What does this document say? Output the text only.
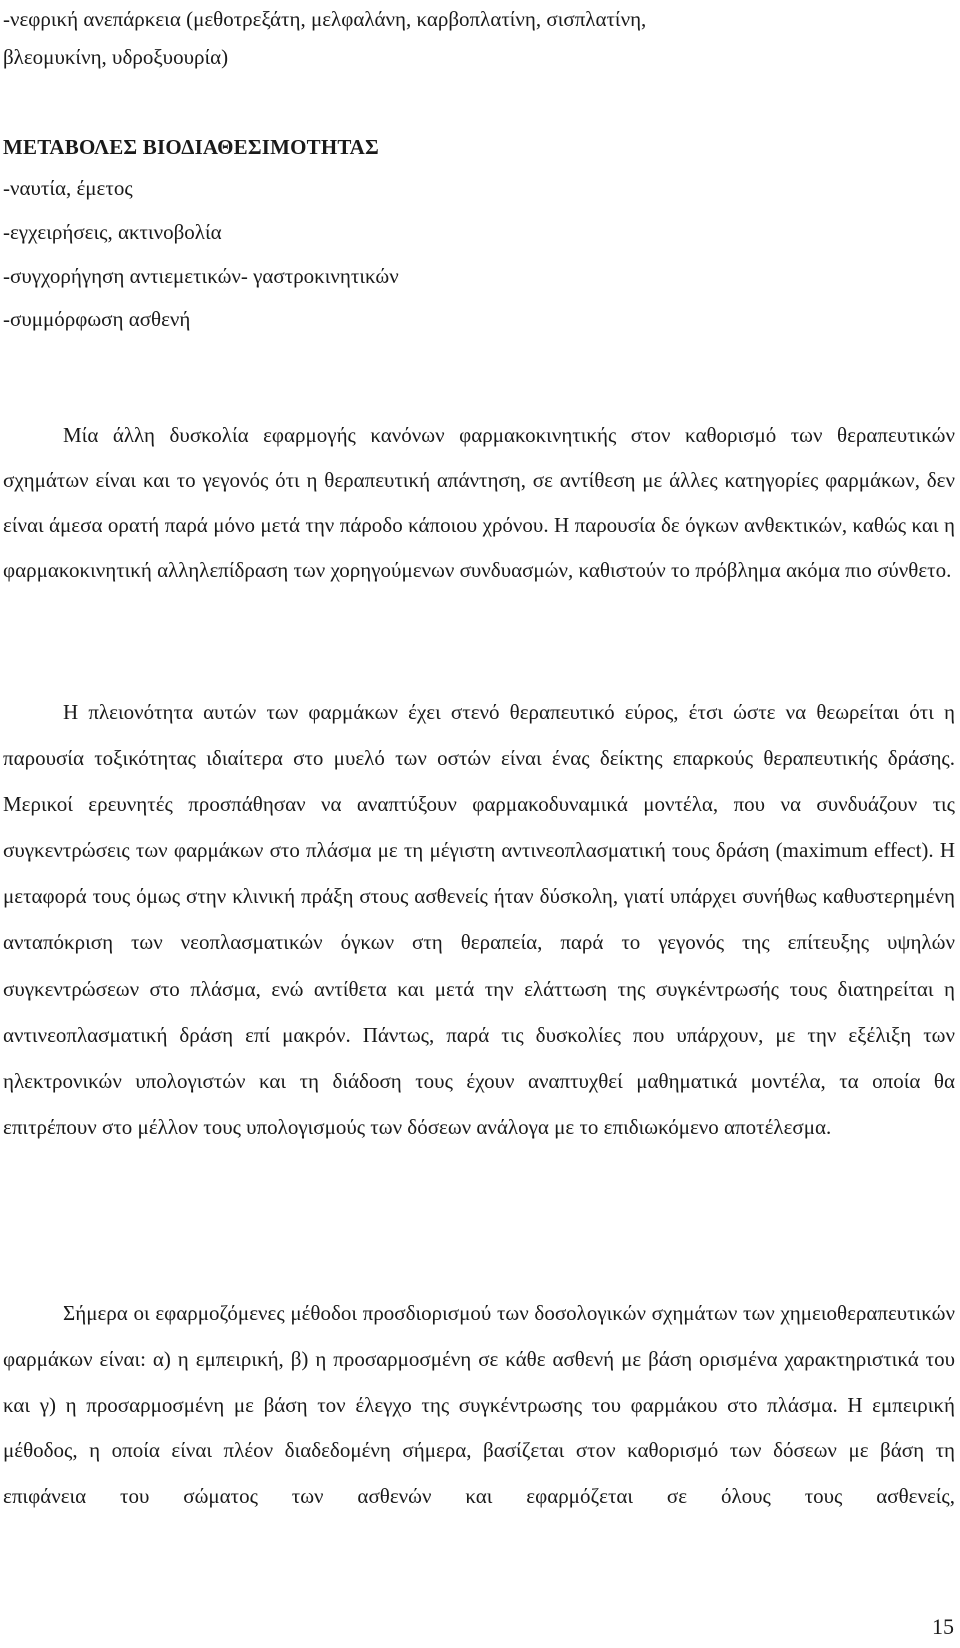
-νεφρική ανεπάρκεια (μεθοτρεξάτη, μελφαλάνη, καρβοπλατίνη, σισπλατίνη,

βλεομυκίνη, υδροξυουρία)

ΜΕΤΑΒΟΛΕΣ ΒΙΟΔΙΑΘΕΣΙΜΟΤΗΤΑΣ

-ναυτία, έμετος

-εγχειρήσεις, ακτινοβολία

-συγχορήγηση αντιεμετικών- γαστροκινητικών

-συμμόρφωση ασθενή

Μία άλλη δυσκολία εφαρμογής κανόνων φαρμακοκινητικής στον καθορισμό των θεραπευτικών σχημάτων είναι και το γεγονός ότι η θεραπευτική απάντηση, σε αντίθεση με άλλες κατηγορίες φαρμάκων, δεν είναι άμεσα ορατή παρά μόνο μετά την πάροδο κάποιου χρόνου. Η παρουσία δε όγκων ανθεκτικών, καθώς και η φαρμακοκινητική αλληλεπίδραση των χορηγούμενων συνδυασμών, καθιστούν το πρόβλημα ακόμα πιο σύνθετο.

Η πλειονότητα αυτών των φαρμάκων έχει στενό θεραπευτικό εύρος, έτσι ώστε να θεωρείται ότι η παρουσία τοξικότητας ιδιαίτερα στο μυελό των οστών είναι ένας δείκτης επαρκούς θεραπευτικής δράσης. Μερικοί ερευνητές προσπάθησαν να αναπτύξουν φαρμακοδυναμικά μοντέλα, που να συνδυάζουν τις συγκεντρώσεις των φαρμάκων στο πλάσμα με τη μέγιστη αντινεοπλασματική τους δράση (maximum effect). Η μεταφορά τους όμως στην κλινική πράξη στους ασθενείς ήταν δύσκολη, γιατί υπάρχει συνήθως καθυστερημένη ανταπόκριση των νεοπλασματικών όγκων στη θεραπεία, παρά το γεγονός της επίτευξης υψηλών συγκεντρώσεων στο πλάσμα, ενώ αντίθετα και μετά την ελάττωση της συγκέντρωσής τους διατηρείται η αντινεοπλασματική δράση επί μακρόν. Πάντως, παρά τις δυσκολίες που υπάρχουν, με την εξέλιξη των ηλεκτρονικών υπολογιστών και τη διάδοση τους έχουν αναπτυχθεί μαθηματικά μοντέλα, τα οποία θα επιτρέπουν στο μέλλον τους υπολογισμούς των δόσεων ανάλογα με το επιδιωκόμενο αποτέλεσμα.

Σήμερα οι εφαρμοζόμενες μέθοδοι προσδιορισμού των δοσολογικών σχημάτων των χημειοθεραπευτικών φαρμάκων είναι: α) η εμπειρική, β) η προσαρμοσμένη σε κάθε ασθενή με βάση ορισμένα χαρακτηριστικά του και γ) η προσαρμοσμένη με βάση τον έλεγχο της συγκέντρωσης του φαρμάκου στο πλάσμα. Η εμπειρική μέθοδος, η οποία είναι πλέον διαδεδομένη σήμερα, βασίζεται στον καθορισμό των δόσεων με βάση τη επιφάνεια του σώματος των ασθενών και εφαρμόζεται σε όλους τους ασθενείς,

15
